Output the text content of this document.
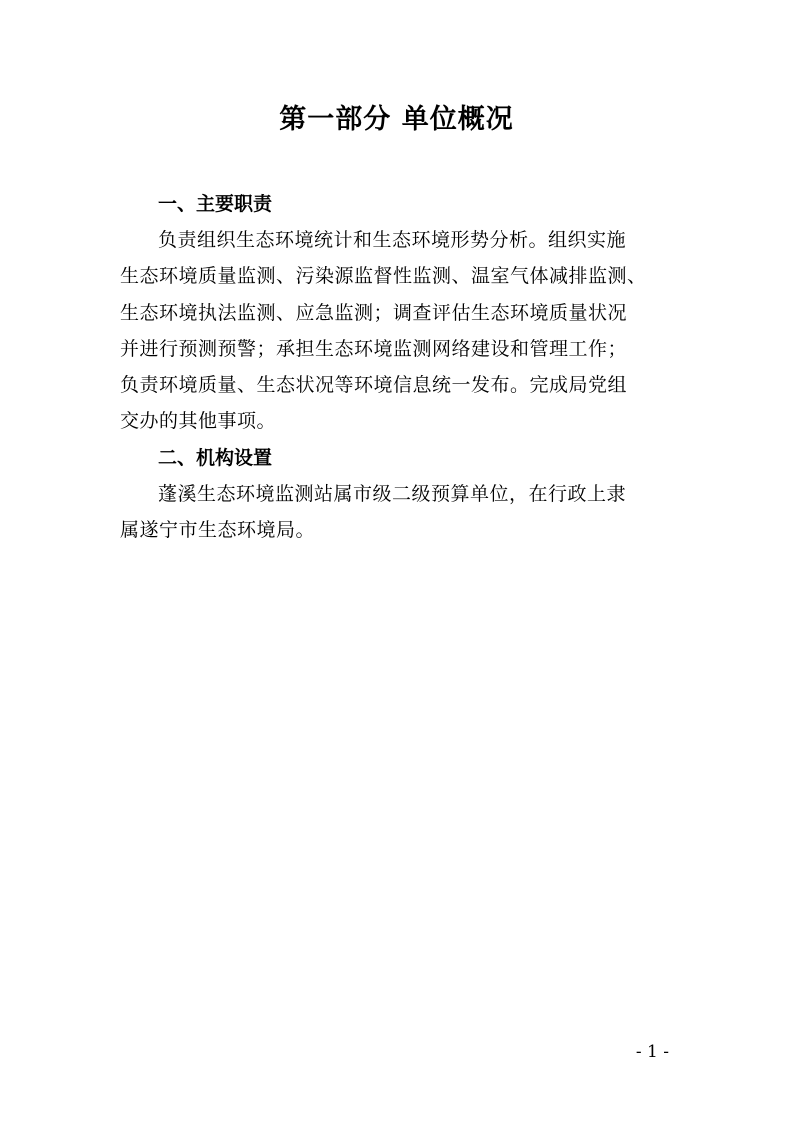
第一部分 单位概况

一、主要职责

负责组织生态环境统计和生态环境形势分析。组织实施

生态环境质量监测、污染源监督性监测、温室气体减排监测、

生态环境执法监测、应急监测；调查评估生态环境质量状况

并进行预测预警；承担生态环境监测网络建设和管理工作；

负责环境质量、生态状况等环境信息统一发布。完成局党组

交办的其他事项。

二、机构设置

蓬溪生态环境监测站属市级二级预算单位，在行政上隶

属遂宁市生态环境局。

- 1 -
